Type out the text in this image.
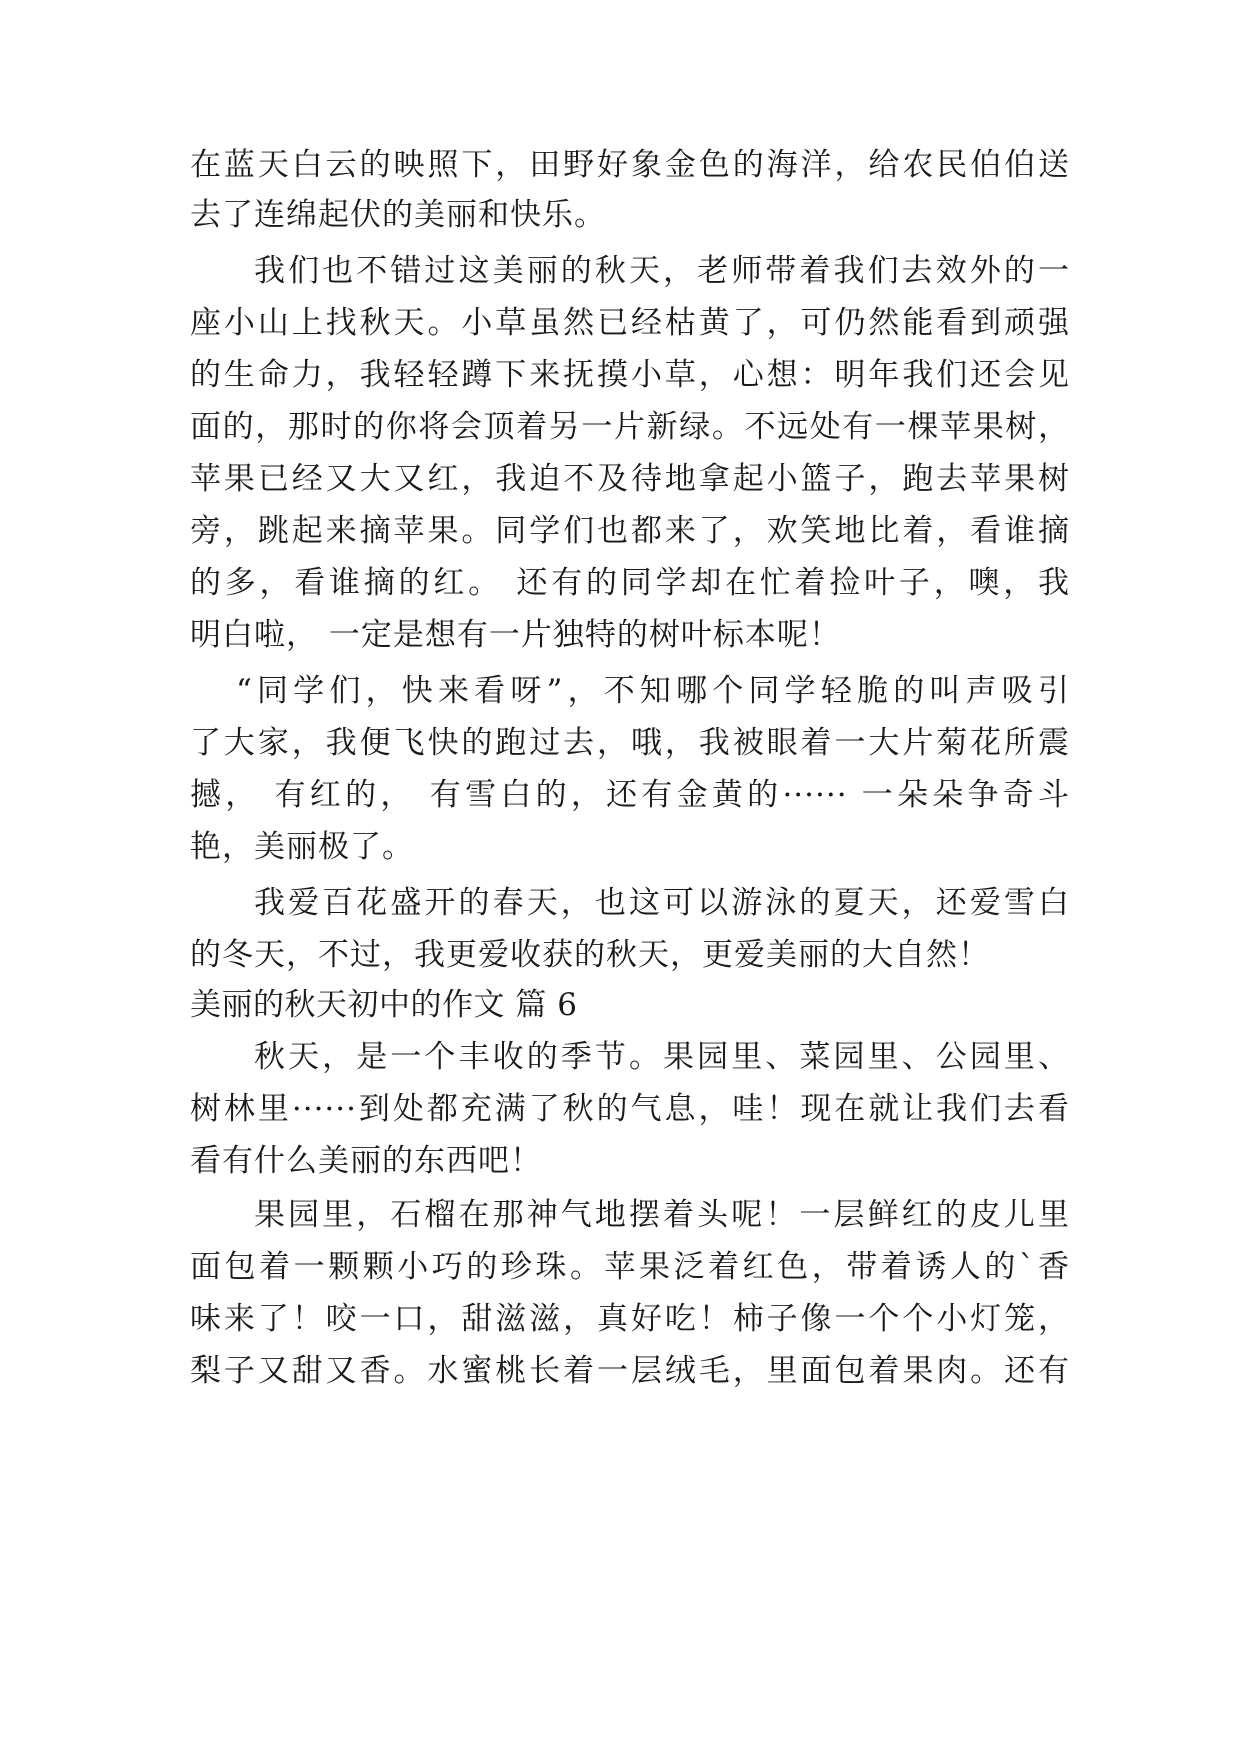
在蓝天白云的映照下，田野好象金色的海洋，给农民伯伯送
去了连绵起伏的美丽和快乐。
我们也不错过这美丽的秋天，老师带着我们去效外的一
座小山上找秋天。小草虽然已经枯黄了，可仍然能看到顽强
的生命力，我轻轻蹲下来抚摸小草，心想：明年我们还会见
面的，那时的你将会顶着另一片新绿。不远处有一棵苹果树，
苹果已经又大又红，我迫不及待地拿起小篮子，跑去苹果树
旁，跳起来摘苹果。同学们也都来了，欢笑地比着，看谁摘
的多，看谁摘的红。 还有的同学却在忙着捡叶子，噢，我
明白啦， 一定是想有一片独特的树叶标本呢！
“同学们，快来看呀”，不知哪个同学轻脆的叫声吸引
了大家，我便飞快的跑过去，哦，我被眼着一大片菊花所震
撼， 有红的， 有雪白的，还有金黄的······ 一朵朵争奇斗
艳，美丽极了。
我爱百花盛开的春天，也这可以游泳的夏天，还爱雪白
的冬天，不过，我更爱收获的秋天，更爱美丽的大自然！
美丽的秋天初中的作文 篇 6
秋天，是一个丰收的季节。果园里、菜园里、公园里、
树林里······到处都充满了秋的气息，哇！现在就让我们去看
看有什么美丽的东西吧！
果园里，石榴在那神气地摆着头呢！一层鲜红的皮儿里
面包着一颗颗小巧的珍珠。苹果泛着红色，带着诱人的`香
味来了！咬一口，甜滋滋，真好吃！柿子像一个个小灯笼，
梨子又甜又香。水蜜桃长着一层绒毛，里面包着果肉。还有
